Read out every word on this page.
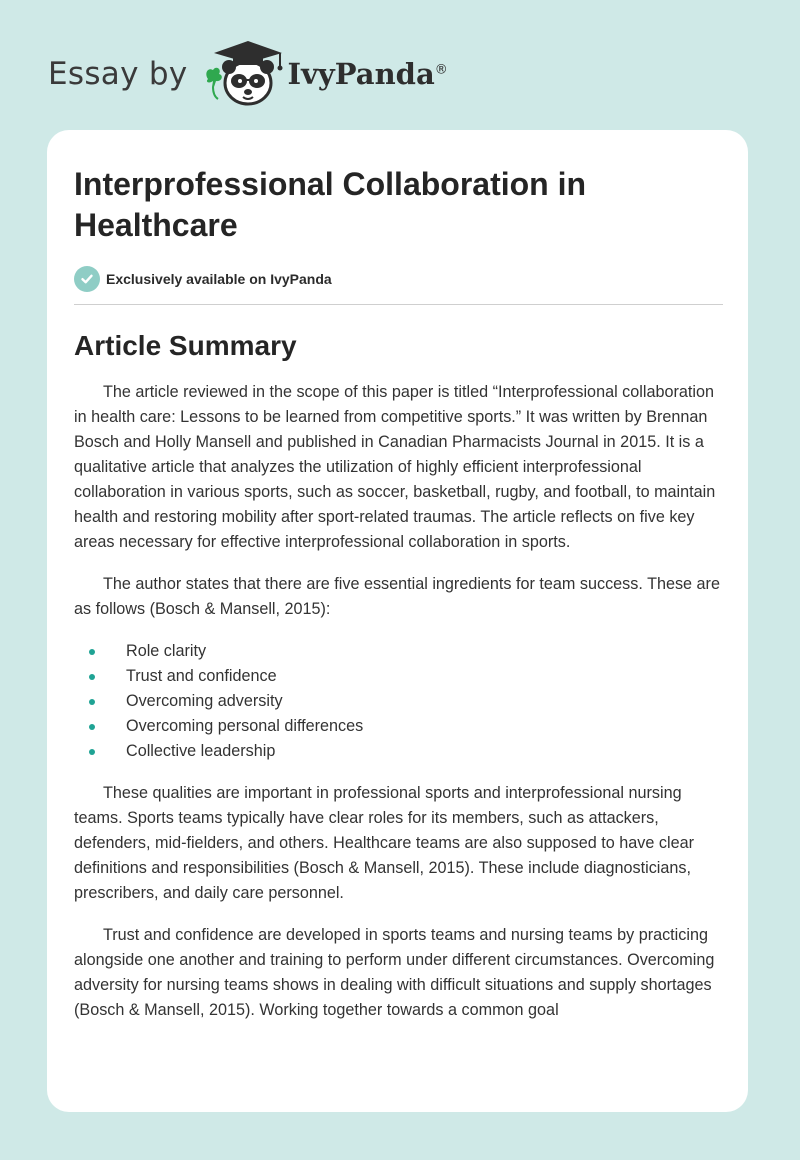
Essay by	IvyPanda®
Interprofessional Collaboration in Healthcare
Exclusively available on IvyPanda
Article Summary

The article reviewed in the scope of this paper is titled “Interprofessional collaboration in health care: Lessons to be learned from competitive sports.” It was written by Brennan Bosch and Holly Mansell and published in Canadian Pharmacists Journal in 2015. It is a qualitative article that analyzes the utilization of highly efficient interprofessional collaboration in various sports, such as soccer, basketball, rugby, and football, to maintain health and restoring mobility after sport-related traumas. The article reflects on five key areas necessary for effective interprofessional collaboration in sports.

The author states that there are five essential ingredients for team success. These are as follows (Bosch & Mansell, 2015):

Role clarity
Trust and confidence
Overcoming adversity
Overcoming personal differences
Collective leadership

These qualities are important in professional sports and interprofessional nursing teams. Sports teams typically have clear roles for its members, such as attackers, defenders, mid-fielders, and others. Healthcare teams are also supposed to have clear definitions and responsibilities (Bosch & Mansell, 2015). These include diagnosticians, prescribers, and daily care personnel.

Trust and confidence are developed in sports teams and nursing teams by practicing alongside one another and training to perform under different circumstances. Overcoming adversity for nursing teams shows in dealing with difficult situations and supply shortages (Bosch & Mansell, 2015). Working together towards a common goal
